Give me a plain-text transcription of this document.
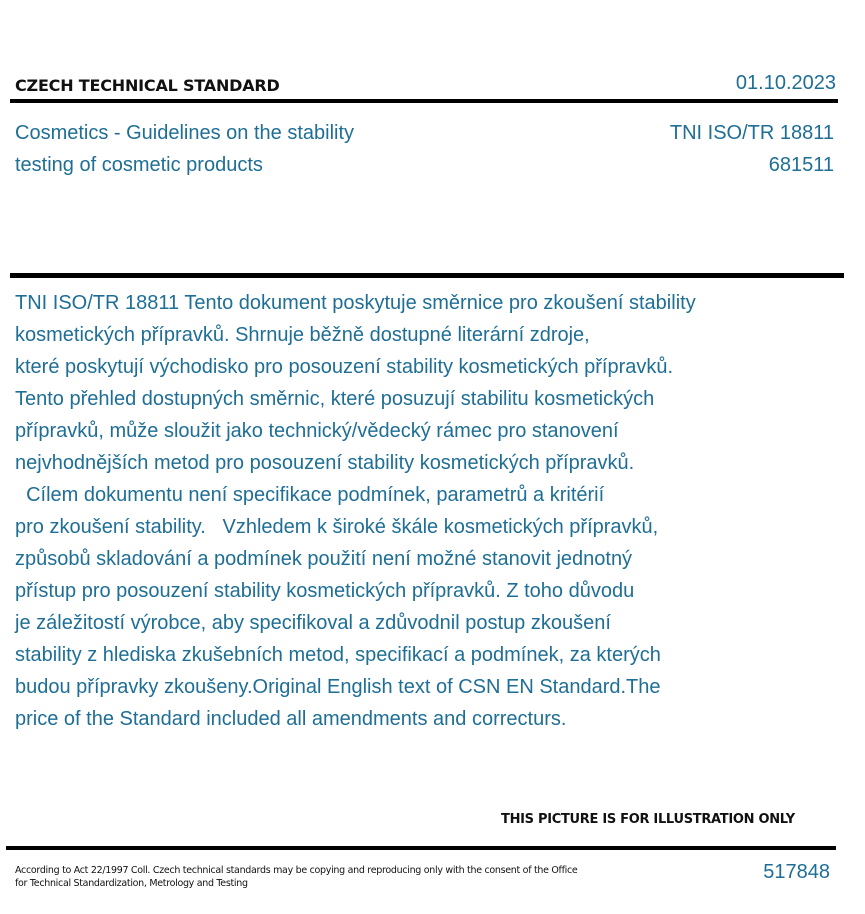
CZECH TECHNICAL STANDARD	01.10.2023
Cosmetics - Guidelines on the stability
testing of cosmetic products
TNI ISO/TR 18811
681511
TNI ISO/TR 18811 Tento dokument poskytuje směrnice pro zkoušení stability
kosmetických přípravků. Shrnuje běžně dostupné literární zdroje,
které poskytují východisko pro posouzení stability kosmetických přípravků.
Tento přehled dostupných směrnic, které posuzují stabilitu kosmetických
přípravků, může sloužit jako technický/vědecký rámec pro stanovení
nejvhodnějších metod pro posouzení stability kosmetických přípravků.
Cílem dokumentu není specifikace podmínek, parametrů a kritérií
pro zkoušení stability.   Vzhledem k široké škále kosmetických přípravků,
způsobů skladování a podmínek použití není možné stanovit jednotný
přístup pro posouzení stability kosmetických přípravků. Z toho důvodu
je záležitostí výrobce, aby specifikoval a zdůvodnil postup zkoušení
stability z hlediska zkušebních metod, specifikací a podmínek, za kterých
budou přípravky zkoušeny.Original English text of CSN EN Standard.The
price of the Standard included all amendments and correcturs.
THIS PICTURE IS FOR ILLUSTRATION ONLY
According to Act 22/1997 Coll. Czech technical standards may be copying and reproducing only with the consent of the Office
for Technical Standardization, Metrology and Testing
517848
